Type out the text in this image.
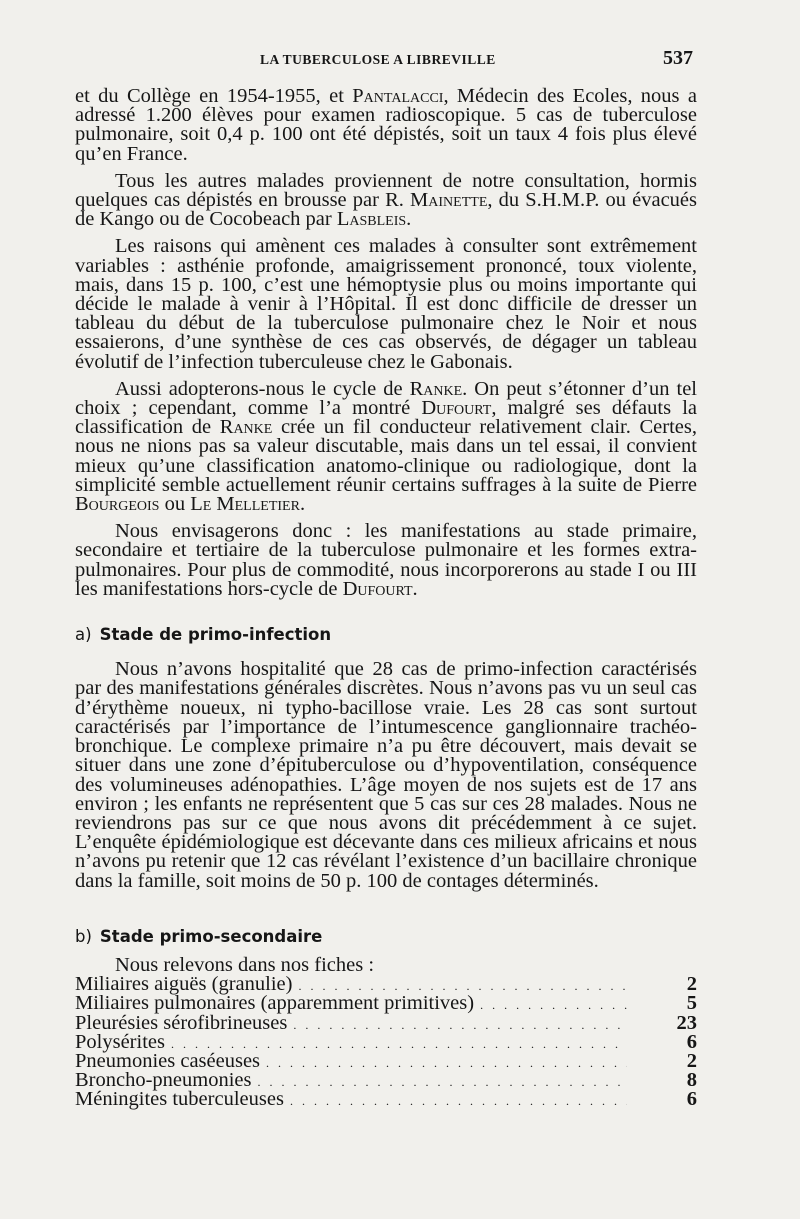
LA TUBERCULOSE A LIBREVILLE	537

et du Collège en 1954-1955, et Pantalacci, Médecin des Ecoles, nous a adressé 1.200 élèves pour examen radioscopique. 5 cas de tuberculose pulmonaire, soit 0,4 p. 100 ont été dépistés, soit un taux 4 fois plus élevé qu’en France.

Tous les autres malades proviennent de notre consultation, hormis quelques cas dépistés en brousse par R. Mainette, du S.H.M.P. ou évacués de Kango ou de Cocobeach par Lasbleis.

Les raisons qui amènent ces malades à consulter sont extrêmement variables : asthénie profonde, amaigrissement prononcé, toux violente, mais, dans 15 p. 100, c’est une hémoptysie plus ou moins importante qui décide le malade à venir à l’Hôpital. Il est donc difficile de dresser un tableau du début de la tuberculose pulmonaire chez le Noir et nous essaierons, d’une synthèse de ces cas observés, de dégager un tableau évolutif de l’infection tuberculeuse chez le Gabonais.

Aussi adopterons-nous le cycle de Ranke. On peut s’étonner d’un tel choix ; cependant, comme l’a montré Dufourt, malgré ses défauts la classification de Ranke crée un fil conducteur relativement clair. Certes, nous ne nions pas sa valeur discutable, mais dans un tel essai, il convient mieux qu’une classification anatomo-clinique ou radiologique, dont la simplicité semble actuellement réunir certains suffrages à la suite de Pierre Bourgeois ou Le Melletier.

Nous envisagerons donc : les manifestations au stade primaire, secondaire et tertiaire de la tuberculose pulmonaire et les formes extra-pulmonaires. Pour plus de commodité, nous incorporerons au stade I ou III les manifestations hors-cycle de Dufourt.

a) Stade de primo-infection

Nous n’avons hospitalité que 28 cas de primo-infection caractérisés par des manifestations générales discrètes. Nous n’avons pas vu un seul cas d’érythème noueux, ni typho-bacillose vraie. Les 28 cas sont surtout caractérisés par l’importance de l’intumescence ganglionnaire trachéo-bronchique. Le complexe primaire n’a pu être découvert, mais devait se situer dans une zone d’épituberculose ou d’hypoventilation, conséquence des volumineuses adénopathies. L’âge moyen de nos sujets est de 17 ans environ ; les enfants ne représentent que 5 cas sur ces 28 malades. Nous ne reviendrons pas sur ce que nous avons dit précédemment à ce sujet. L’enquête épidémiologique est décevante dans ces milieux africains et nous n’avons pu retenir que 12 cas révélant l’existence d’un bacillaire chronique dans la famille, soit moins de 50 p. 100 de contages déterminés.

b) Stade primo-secondaire

Nous relevons dans nos fiches :

Miliaires aiguës (granulie) . . .	2
Miliaires pulmonaires (apparemment primitives) . . .	5
Pleurésies sérofibrineuses . . .	23
Polysérites . . .	6
Pneumonies caséeuses . . .	2
Broncho-pneumonies . . .	8
Méningites tuberculeuses . . .	6
